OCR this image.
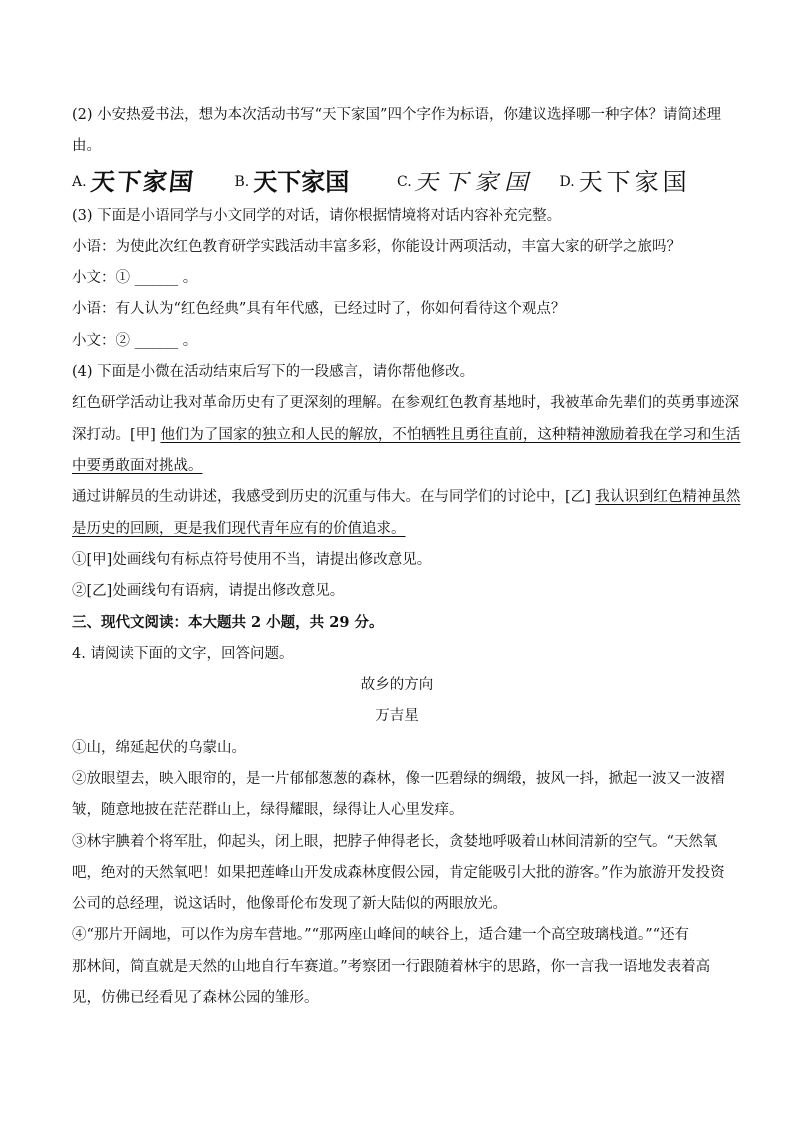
(2) 小安热爱书法，想为本次活动书写“天下家国”四个字作为标语，你建议选择哪一种字体？请简述理
由。
A. 天下家国	B. 天下家国	C. 天下家国 D. 天下家国
(3) 下面是小语同学与小文同学的对话，请你根据情境将对话内容补充完整。
小语：为使此次红色教育研学实践活动丰富多彩，你能设计两项活动，丰富大家的研学之旅吗？
小文：① ______ 。
小语：有人认为“红色经典”具有年代感，已经过时了，你如何看待这个观点？
小文：② ______ 。
(4) 下面是小微在活动结束后写下的一段感言，请你帮他修改。
红色研学活动让我对革命历史有了更深刻的理解。在参观红色教育基地时，我被革命先辈们的英勇事迹深
深打动。[甲] 他们为了国家的独立和人民的解放，不怕牺牲且勇往直前，这种精神激励着我在学习和生活
中要勇敢面对挑战。
通过讲解员的生动讲述，我感受到历史的沉重与伟大。在与同学们的讨论中，[乙] 我认识到红色精神虽然
是历史的回顾，更是我们现代青年应有的价值追求。
①[甲]处画线句有标点符号使用不当，请提出修改意见。
②[乙]处画线句有语病，请提出修改意见。
三、现代文阅读：本大题共 2 小题，共 29 分。
4. 请阅读下面的文字，回答问题。
故乡的方向
万吉星
①山，绵延起伏的乌蒙山。
②放眼望去，映入眼帘的，是一片郁郁葱葱的森林，像一匹碧绿的绸缎，披风一抖，掀起一波又一波褶
皱，随意地披在茫茫群山上，绿得耀眼，绿得让人心里发痒。
③林宇腆着个将军肚，仰起头，闭上眼，把脖子伸得老长，贪婪地呼吸着山林间清新的空气。“天然氧
吧，绝对的天然氧吧！如果把莲峰山开发成森林度假公园，肯定能吸引大批的游客。”作为旅游开发投资
公司的总经理，说这话时，他像哥伦布发现了新大陆似的两眼放光。
④“那片开阔地，可以作为房车营地。”“那两座山峰间的峡谷上，适合建一个高空玻璃栈道。”“还有
那林间，简直就是天然的山地自行车赛道。”考察团一行跟随着林宇的思路，你一言我一语地发表着高
见，仿佛已经看见了森林公园的雏形。
